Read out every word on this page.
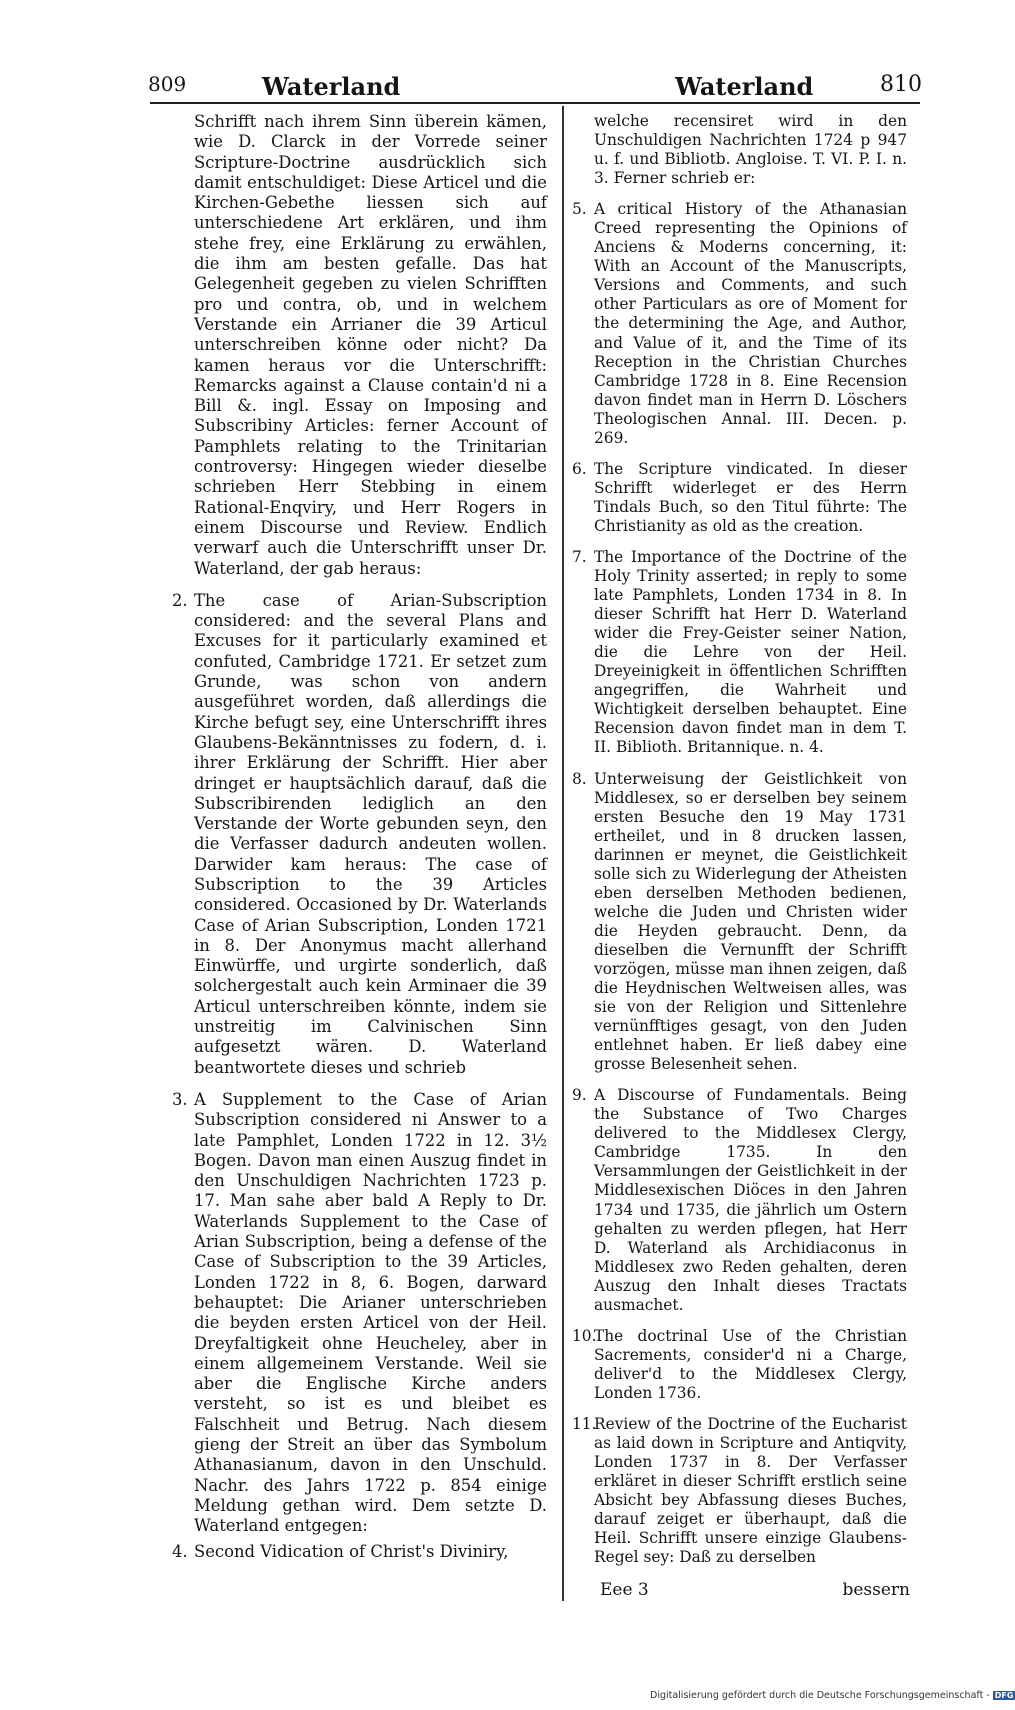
809	Waterland	Waterland	810

Schrifft nach ihrem Sinn überein kämen, wie D. Clarck in der Vorrede seiner Scripture-Doctrine ausdrücklich sich damit entschuldiget: Diese Articel und die Kirchen-Gebethe liessen sich auf unterschiedene Art erklären, und ihm stehe frey, eine Erklärung zu erwählen, die ihm am besten gefalle. Das hat Gelegenheit gegeben zu vielen Schrifften pro und contra, ob, und in welchem Verstande ein Arrianer die 39 Articul unterschreiben könne oder nicht? Da kamen heraus vor die Unterschrifft: Remarcks against a Clause contain'd ni a Bill &. ingl. Essay on Imposing and Subscribiny Articles: ferner Account of Pamphlets relating to the Trinitarian controversy: Hingegen wieder dieselbe schrieben Herr Stebbing in einem Rational-Enqviry, und Herr Rogers in einem Discourse und Review. Endlich verwarf auch die Unterschrifft unser Dr. Waterland, der gab heraus:

2. The case of Arian-Subscription considered: and the several Plans and Excuses for it particularly examined et confuted, Cambridge 1721. Er setzet zum Grunde, was schon von andern ausgeführet worden, daß allerdings die Kirche befugt sey, eine Unterschrifft ihres Glaubens-Bekänntnisses zu fodern, d. i. ihrer Erklärung der Schrifft. Hier aber dringet er hauptsächlich darauf, daß die Subscribirenden lediglich an den Verstande der Worte gebunden seyn, den die Verfasser dadurch andeuten wollen. Darwider kam heraus: The case of Subscription to the 39 Articles considered. Occasioned by Dr. Waterlands Case of Arian Subscription, Londen 1721 in 8. Der Anonymus macht allerhand Einwürffe, und urgirte sonderlich, daß solchergestalt auch kein Arminaer die 39 Articul unterschreiben könnte, indem sie unstreitig im Calvinischen Sinn aufgesetzt wären. D. Waterland beantwortete dieses und schrieb

3. A Supplement to the Case of Arian Subscription considered ni Answer to a late Pamphlet, Londen 1722 in 12. 3½ Bogen. Davon man einen Auszug findet in den Unschuldigen Nachrichten 1723 p. 17. Man sahe aber bald A Reply to Dr. Waterlands Supplement to the Case of Arian Subscription, being a defense of the Case of Subscription to the 39 Articles, Londen 1722 in 8, 6. Bogen, darward behauptet: Die Arianer unterschrieben die beyden ersten Articel von der Heil. Dreyfaltigkeit ohne Heucheley, aber in einem allgemeinem Verstande. Weil sie aber die Englische Kirche anders versteht, so ist es und bleibet es Falschheit und Betrug. Nach diesem gieng der Streit an über das Symbolum Athanasianum, davon in den Unschuld. Nachr. des Jahrs 1722 p. 854 einige Meldung gethan wird. Dem setzte D. Waterland entgegen:

4. Second Vidication of Christ's Diviniry,

welche recensiret wird in den Unschuldigen Nachrichten 1724 p 947 u. f. und Bibliotb. Angloise. T. VI. P. I. n. 3. Ferner schrieb er:

5. A critical History of the Athanasian Creed representing the Opinions of Anciens & Moderns concerning, it: With an Account of the Manuscripts, Versions and Comments, and such other Particulars as ore of Moment for the determining the Age, and Author, and Value of it, and the Time of its Reception in the Christian Churches Cambridge 1728 in 8. Eine Recension davon findet man in Herrn D. Löschers Theologischen Annal. III. Decen. p. 269.

6. The Scripture vindicated. In dieser Schrifft widerleget er des Herrn Tindals Buch, so den Titul führte: The Christianity as old as the creation.

7. The Importance of the Doctrine of the Holy Trinity asserted; in reply to some late Pamphlets, Londen 1734 in 8. In dieser Schrifft hat Herr D. Waterland wider die Frey-Geister seiner Nation, die die Lehre von der Heil. Dreyeinigkeit in öffentlichen Schrifften angegriffen, die Wahrheit und Wichtigkeit derselben behauptet. Eine Recension davon findet man in dem T. II. Biblioth. Britannique. n. 4.

8. Unterweisung der Geistlichkeit von Middlesex, so er derselben bey seinem ersten Besuche den 19 May 1731 ertheilet, und in 8 drucken lassen, darinnen er meynet, die Geistlichkeit solle sich zu Widerlegung der Atheisten eben derselben Methoden bedienen, welche die Juden und Christen wider die Heyden gebraucht. Denn, da dieselben die Vernunfft der Schrifft vorzögen, müsse man ihnen zeigen, daß die Heydnischen Weltweisen alles, was sie von der Religion und Sittenlehre vernünfftiges gesagt, von den Juden entlehnet haben. Er ließ dabey eine grosse Belesenheit sehen.

9. A Discourse of Fundamentals. Being the Substance of Two Charges delivered to the Middlesex Clergy, Cambridge 1735. In den Versammlungen der Geistlichkeit in der Middlesexischen Diöces in den Jahren 1734 und 1735, die jährlich um Ostern gehalten zu werden pflegen, hat Herr D. Waterland als Archidiaconus in Middlesex zwo Reden gehalten, deren Auszug den Inhalt dieses Tractats ausmachet.

10.

The doctrinal Use of the Christian Sacrements, consider'd ni a Charge, deliver'd to the Middlesex Clergy, Londen 1736.

11.

Review of the Doctrine of the Eucharist as laid down in Scripture and Antiqvity, Londen 1737 in 8. Der Verfasser erkläret in dieser Schrifft erstlich seine Absicht bey Abfassung dieses Buches, darauf zeiget er überhaupt, daß die Heil. Schrifft unsere einzige Glaubens-Regel sey: Daß zu derselben

Eee 3	bessern
Digitalisierung gefördert durch die Deutsche Forschungsgemeinschaft - DFG
